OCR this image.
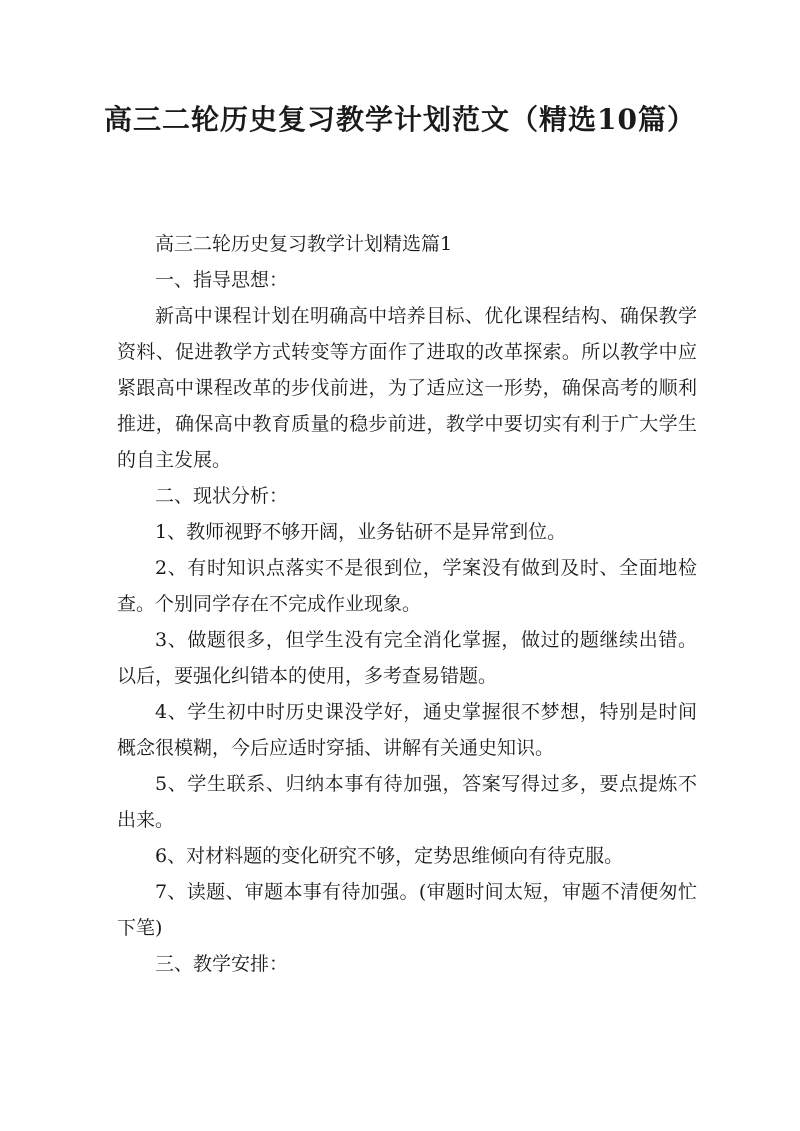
高三二轮历史复习教学计划范文（精选10篇）

高三二轮历史复习教学计划精选篇1

一、指导思想：

新高中课程计划在明确高中培养目标、优化课程结构、确保教学资料、促进教学方式转变等方面作了进取的改革探索。所以教学中应紧跟高中课程改革的步伐前进，为了适应这一形势，确保高考的顺利推进，确保高中教育质量的稳步前进，教学中要切实有利于广大学生的自主发展。

二、现状分析：

1、教师视野不够开阔，业务钻研不是异常到位。

2、有时知识点落实不是很到位，学案没有做到及时、全面地检查。个别同学存在不完成作业现象。

3、做题很多，但学生没有完全消化掌握，做过的题继续出错。以后，要强化纠错本的使用，多考查易错题。

4、学生初中时历史课没学好，通史掌握很不梦想，特别是时间概念很模糊，今后应适时穿插、讲解有关通史知识。

5、学生联系、归纳本事有待加强，答案写得过多，要点提炼不出来。

6、对材料题的变化研究不够，定势思维倾向有待克服。

7、读题、审题本事有待加强。(审题时间太短，审题不清便匆忙下笔)

三、教学安排：
